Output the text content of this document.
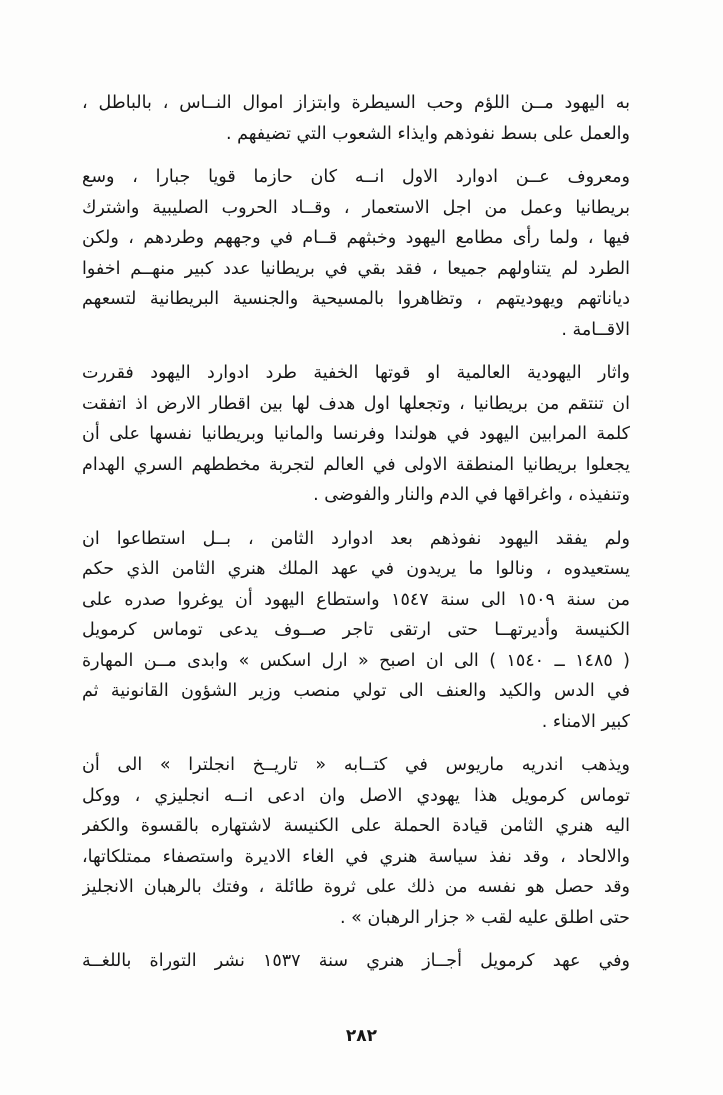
به اليهود مــن اللؤم وحب السيطرة وابتزاز اموال النــاس ، بالباطل ،
والعمل على بسط نفوذهم وايذاء الشعوب التي تضيفهم .
ومعروف عــن ادوارد الاول انــه كان حازما قويا جبارا ، وسع
بريطانيا وعمل من اجل الاستعمار ، وقــاد الحروب الصليبية واشترك
فيها ، ولما رأى مطامع اليهود وخبثهم قــام في وجههم وطردهم ، ولكن
الطرد لم يتناولهم جميعا ، فقد بقي في بريطانيا عدد كبير منهــم اخفوا
دياناتهم ويهوديتهم ، وتظاهروا بالمسيحية والجنسية البريطانية لتسعهم
الاقــامة .
واثار اليهودية العالمية او قوتها الخفية طرد ادوارد اليهود فقررت
ان تنتقم من بريطانيا ، وتجعلها اول هدف لها بين اقطار الارض اذ اتفقت
كلمة المرابين اليهود في هولندا وفرنسا والمانيا وبريطانيا نفسها على أن
يجعلوا بريطانيا المنطقة الاولى في العالم لتجربة مخططهم السري الهدام
وتنفيذه ، واغراقها في الدم والنار والفوضى .
ولم يفقد اليهود نفوذهم بعد ادوارد الثامن ، بــل استطاعوا ان
يستعيدوه ، ونالوا ما يريدون في عهد الملك هنري الثامن الذي حكم
من سنة ١٥٠٩ الى سنة ١٥٤٧ واستطاع اليهود أن يوغروا صدره على
الكنيسة وأديرتهــا حتى ارتقى تاجر صــوف يدعى توماس كرمويل
( ١٤٨٥ ــ ١٥٤٠ ) الى ان اصبح « ارل اسكس » وابدى مــن المهارة
في الدس والكيد والعنف الى تولي منصب وزير الشؤون القانونية ثم
كبير الامناء .
ويذهب اندريه ماريوس في كتــابه « تاريــخ انجلترا » الى أن
توماس كرمويل هذا يهودي الاصل وان ادعى انــه انجليزي ، ووكل
اليه هنري الثامن قيادة الحملة على الكنيسة لاشتهاره بالقسوة والكفر
والالحاد ، وقد نفذ سياسة هنري في الغاء الاديرة واستصفاء ممتلكاتها،
وقد حصل هو نفسه من ذلك على ثروة طائلة ، وفتك بالرهبان الانجليز
حتى اطلق عليه لقب « جزار الرهبان » .
وفي عهد كرمويل أجــاز هنري سنة ١٥٣٧ نشر التوراة باللغــة
٢٨٢
